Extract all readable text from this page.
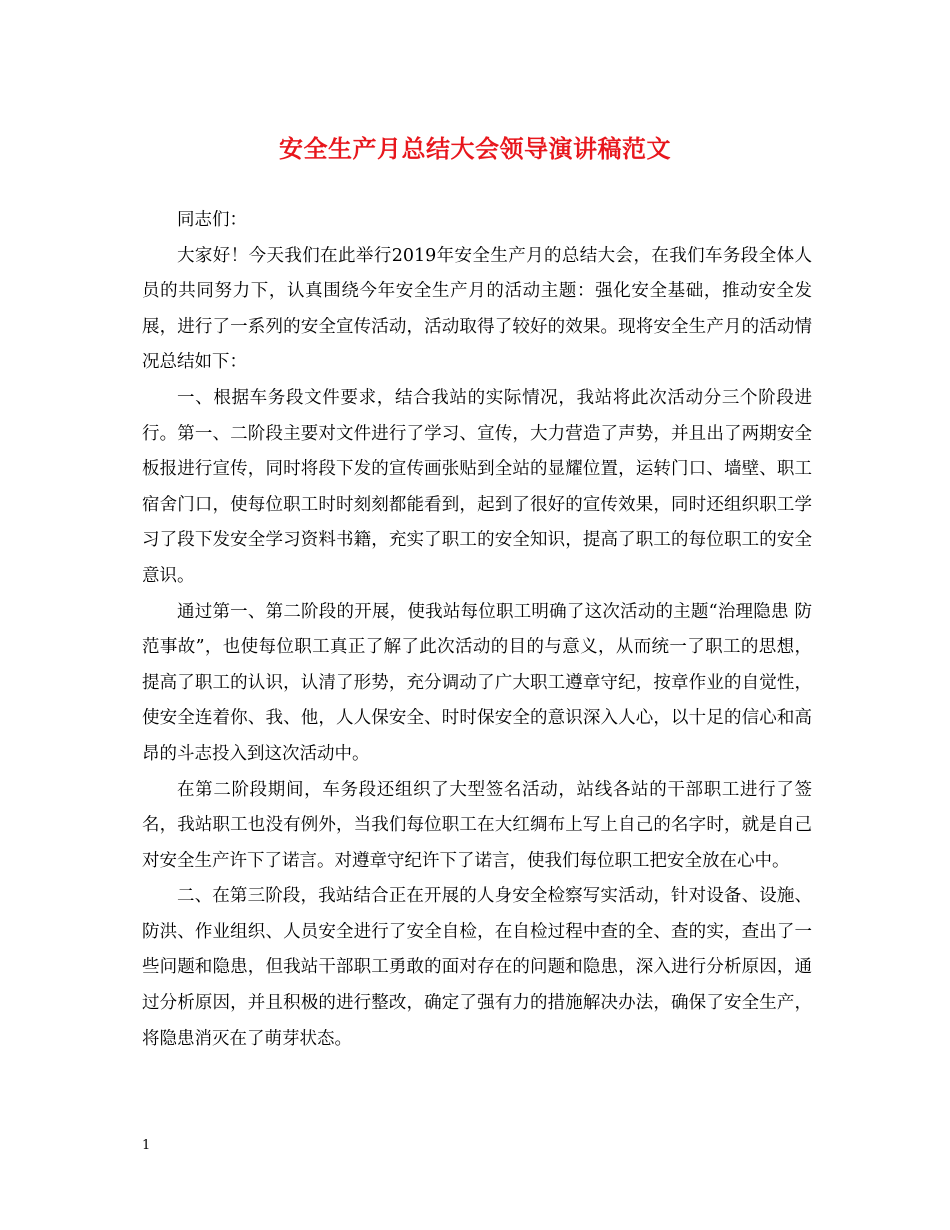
安全生产月总结大会领导演讲稿范文

同志们：

大家好！今天我们在此举行2019年安全生产月的总结大会，在我们车务段全体人员的共同努力下，认真围绕今年安全生产月的活动主题：强化安全基础，推动安全发展，进行了一系列的安全宣传活动，活动取得了较好的效果。现将安全生产月的活动情况总结如下：

一、根据车务段文件要求，结合我站的实际情况，我站将此次活动分三个阶段进行。第一、二阶段主要对文件进行了学习、宣传，大力营造了声势，并且出了两期安全板报进行宣传，同时将段下发的宣传画张贴到全站的显耀位置，运转门口、墙壁、职工宿舍门口，使每位职工时时刻刻都能看到，起到了很好的宣传效果，同时还组织职工学习了段下发安全学习资料书籍，充实了职工的安全知识，提高了职工的每位职工的安全意识。

通过第一、第二阶段的开展，使我站每位职工明确了这次活动的主题“治理隐患 防范事故”，也使每位职工真正了解了此次活动的目的与意义，从而统一了职工的思想，提高了职工的认识，认清了形势，充分调动了广大职工遵章守纪，按章作业的自觉性，使安全连着你、我、他，人人保安全、时时保安全的意识深入人心，以十足的信心和高昂的斗志投入到这次活动中。

在第二阶段期间，车务段还组织了大型签名活动，站线各站的干部职工进行了签名，我站职工也没有例外，当我们每位职工在大红绸布上写上自己的名字时，就是自己对安全生产许下了诺言。对遵章守纪许下了诺言，使我们每位职工把安全放在心中。

二、在第三阶段，我站结合正在开展的人身安全检察写实活动，针对设备、设施、防洪、作业组织、人员安全进行了安全自检，在自检过程中查的全、查的实，查出了一些问题和隐患，但我站干部职工勇敢的面对存在的问题和隐患，深入进行分析原因，通过分析原因，并且积极的进行整改，确定了强有力的措施解决办法，确保了安全生产，将隐患消灭在了萌芽状态。

1
